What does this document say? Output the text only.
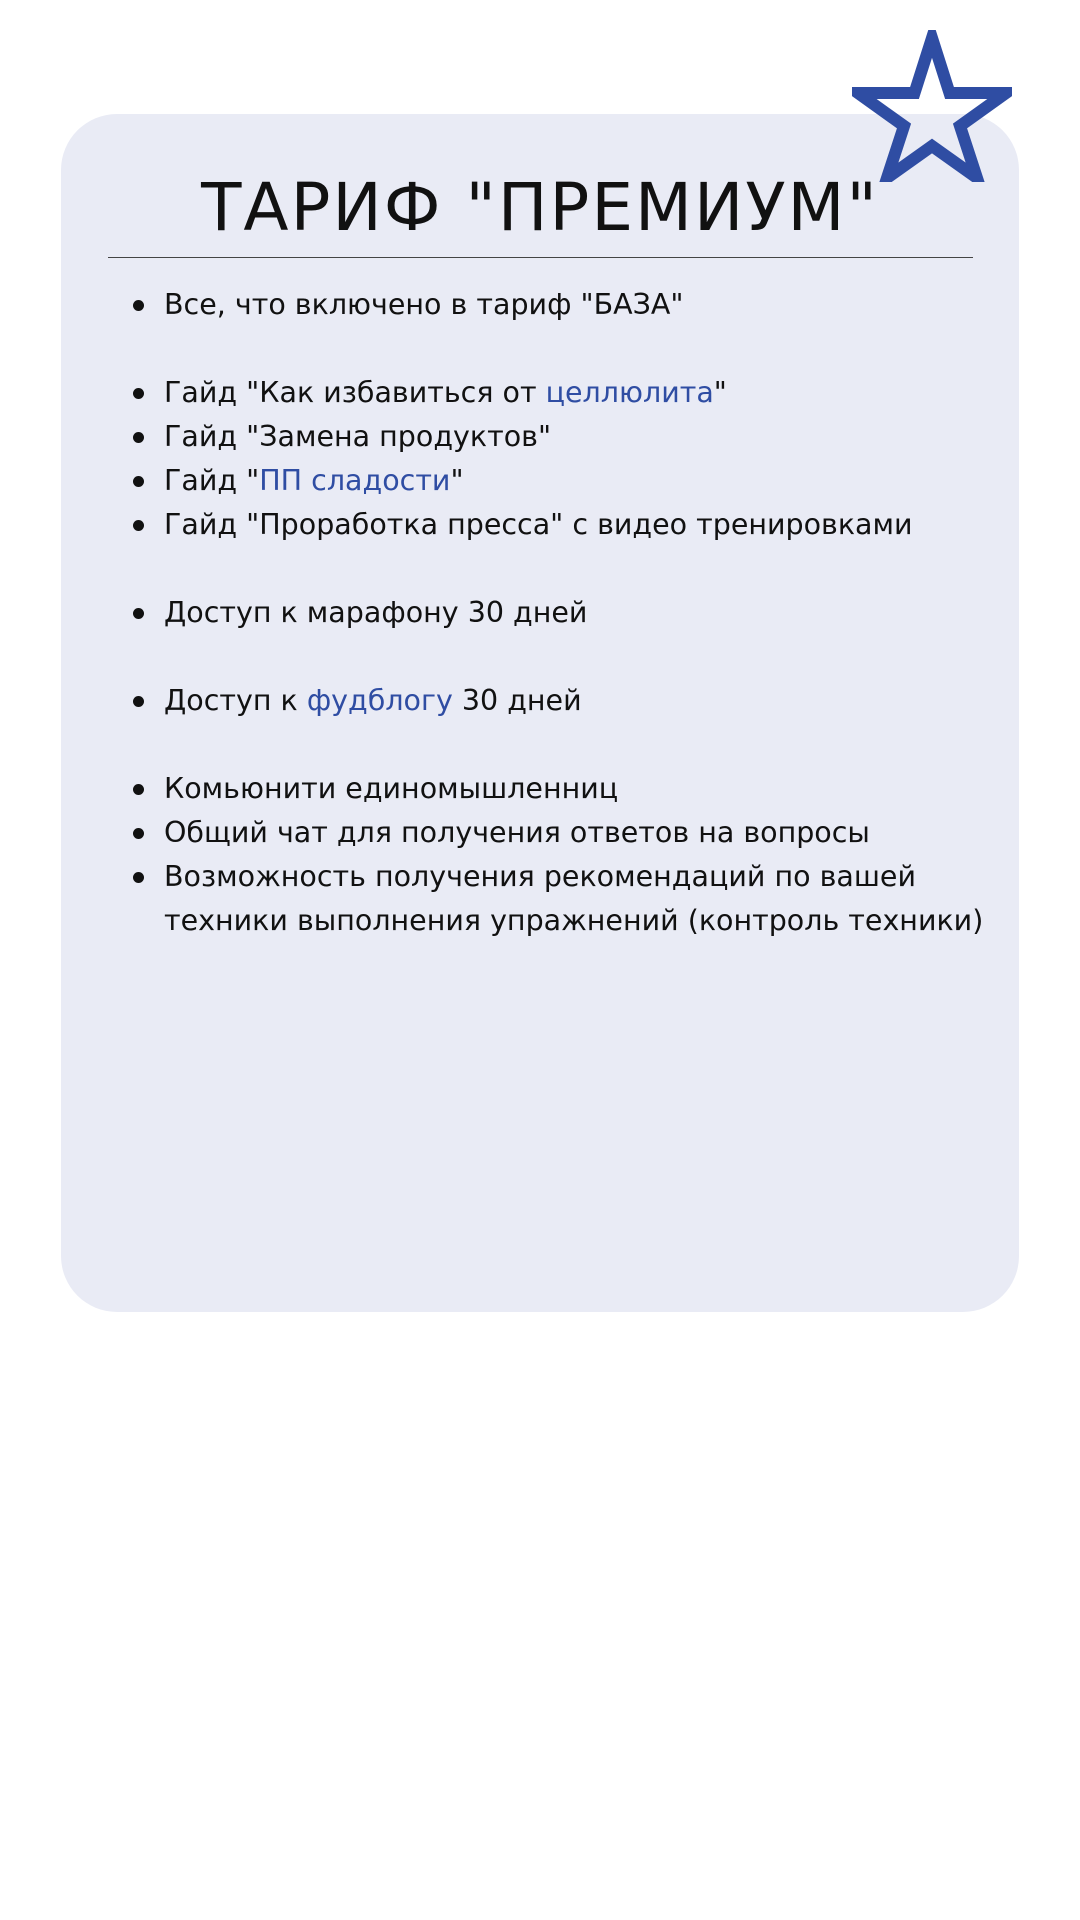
ТАРИФ "ПРЕМИУМ"
Все, что включено в тариф "БАЗА"
Гайд "Как избавиться от целлюлита"
Гайд "Замена продуктов"
Гайд "ПП сладости"
Гайд "Проработка пресса" с видео тренировками
Доступ к марафону 30 дней
Доступ к фудблогу 30 дней
Комьюнити единомышленниц
Общий чат для получения ответов на вопросы
Возможность получения рекомендаций по вашей техники выполнения упражнений (контроль техники)
